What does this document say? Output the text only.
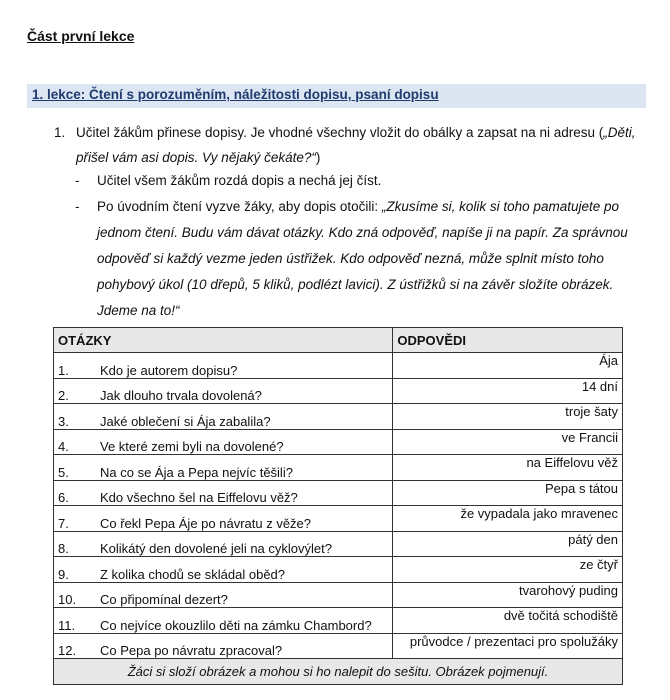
Část první lekce
1. lekce: Čtení s porozuměním, náležitosti dopisu, psaní dopisu
1. Učitel žákům přinese dopisy. Je vhodné všechny vložit do obálky a zapsat na ni adresu („Děti, přišel vám asi dopis. Vy nějaký čekáte?“)
- Učitel všem žákům rozdá dopis a nechá jej číst.
- Po úvodním čtení vyzve žáky, aby dopis otočili: „Zkusíme si, kolik si toho pamatujete po jednom čtení. Budu vám dávat otázky. Kdo zná odpověď, napíše ji na papír. Za správnou odpověď si každý vezme jeden ústřižek. Kdo odpověď nezná, může splnit místo toho pohybový úkol (10 dřepů, 5 kliků, podlézt lavici). Z ústřižků si na závěr složíte obrázek. Jdeme na to!“
OTÁZKY	ODPOVĚDI
1. Kdo je autorem dopisu?	Ája
2. Jak dlouho trvala dovolená?	14 dní
3. Jaké oblečení si Ája zabalila?	troje šaty
4. Ve které zemi byli na dovolené?	ve Francii
5. Na co se Ája a Pepa nejvíc těšili?	na Eiffelovu věž
6. Kdo všechno šel na Eiffelovu věž?	Pepa s tátou
7. Co řekl Pepa Áje po návratu z věže?	že vypadala jako mravenec
8. Kolikátý den dovolené jeli na cyklovýlet?	pátý den
9. Z kolika chodů se skládal oběd?	ze čtyř
10. Co připomínal dezert?	tvarohový puding
11. Co nejvíce okouzlilo děti na zámku Chambord?	dvě točitá schodiště
12. Co Pepa po návratu zpracoval?	průvodce / prezentaci pro spolužáky
Žáci si složí obrázek a mohou si ho nalepit do sešitu. Obrázek pojmenují.	
